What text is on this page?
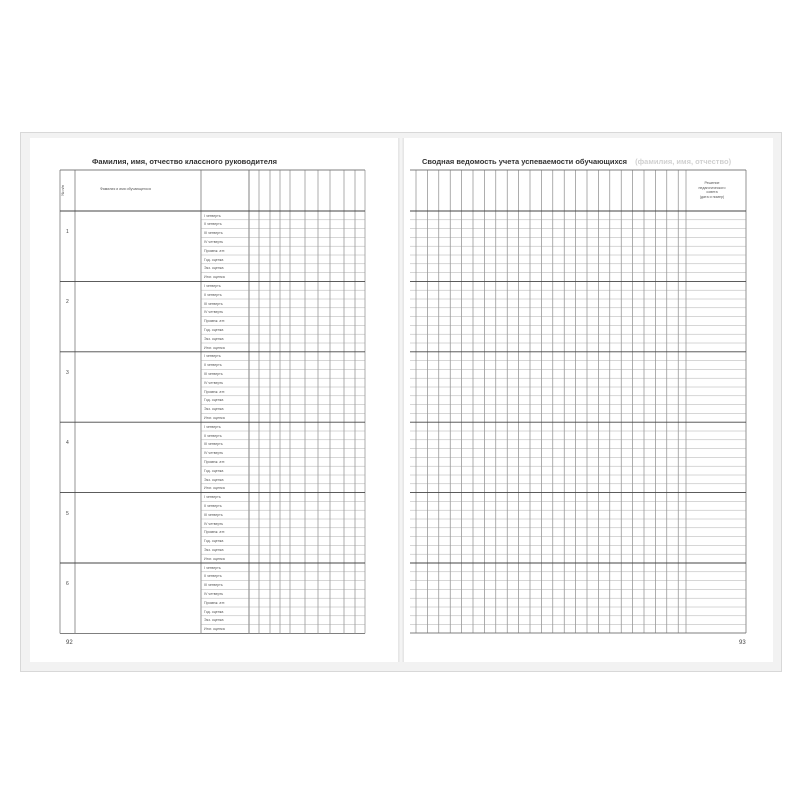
Фамилия, имя, отчество классного руководителя
№ п/п	Фамилия и имя обучающегося
92
Сводная ведомость учета успеваемости обучающихся (фамилия, имя, отчество)
Решение
педагогического
совета
(дата и номер)
93
1
I четверть
II четверть
III четверть
IV четверть
Промеж. атт.
Год. оценка
Экз. оценка
Итог. оценка
2
I четверть
II четверть
III четверть
IV четверть
Промеж. атт.
Год. оценка
Экз. оценка
Итог. оценка
3
I четверть
II четверть
III четверть
IV четверть
Промеж. атт.
Год. оценка
Экз. оценка
Итог. оценка
4
I четверть
II четверть
III четверть
IV четверть
Промеж. атт.
Год. оценка
Экз. оценка
Итог. оценка
5
I четверть
II четверть
III четверть
IV четверть
Промеж. атт.
Год. оценка
Экз. оценка
Итог. оценка
6
I четверть
II четверть
III четверть
IV четверть
Промеж. атт.
Год. оценка
Экз. оценка
Итог. оценка
